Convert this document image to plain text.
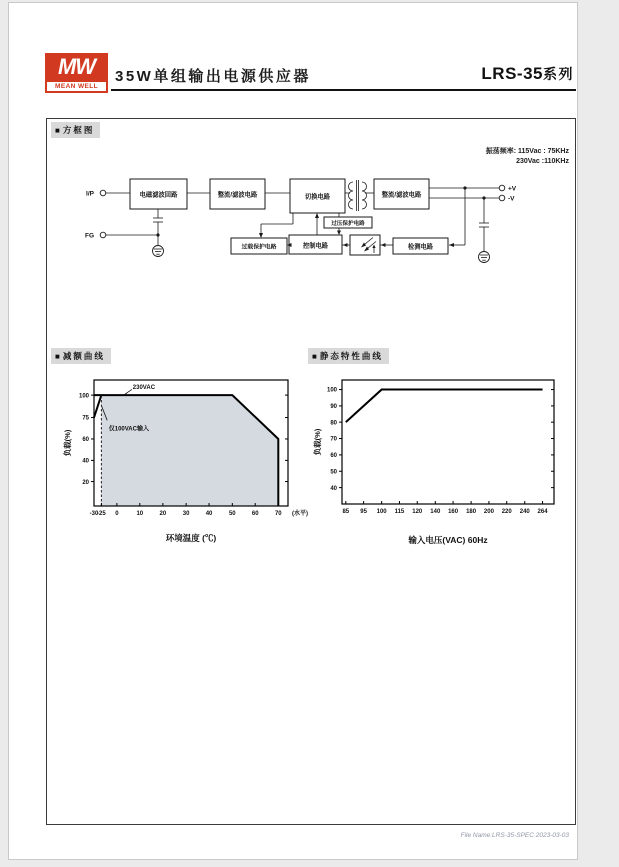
MW
MEAN WELL
35W单组输出电源供应器	LRS-35系列
■ 方框图
振荡频率: 115Vac : 75KHz
230Vac :110KHz
I/P	电磁滤波回路	整流/滤波电路	切换电路	整流/滤波电路
+V
-V
FG
过压保护电路
过载保护电路	控制电路	检测电路
■ 减额曲线	■ 静态特性曲线
20
40
60
75
100
-30
-25 0	10	20	30	40	50	60	70 (水平)
环境温度 (℃)
负载(%)
230VAC
仅100VAC输入
40
50
60
70
80
90
100
85 95 100 115 120 140 160 180 200 220 240 264
输入电压(VAC) 60Hz
负载(%)
File Name:LRS-35-SPEC 2023-03-03
